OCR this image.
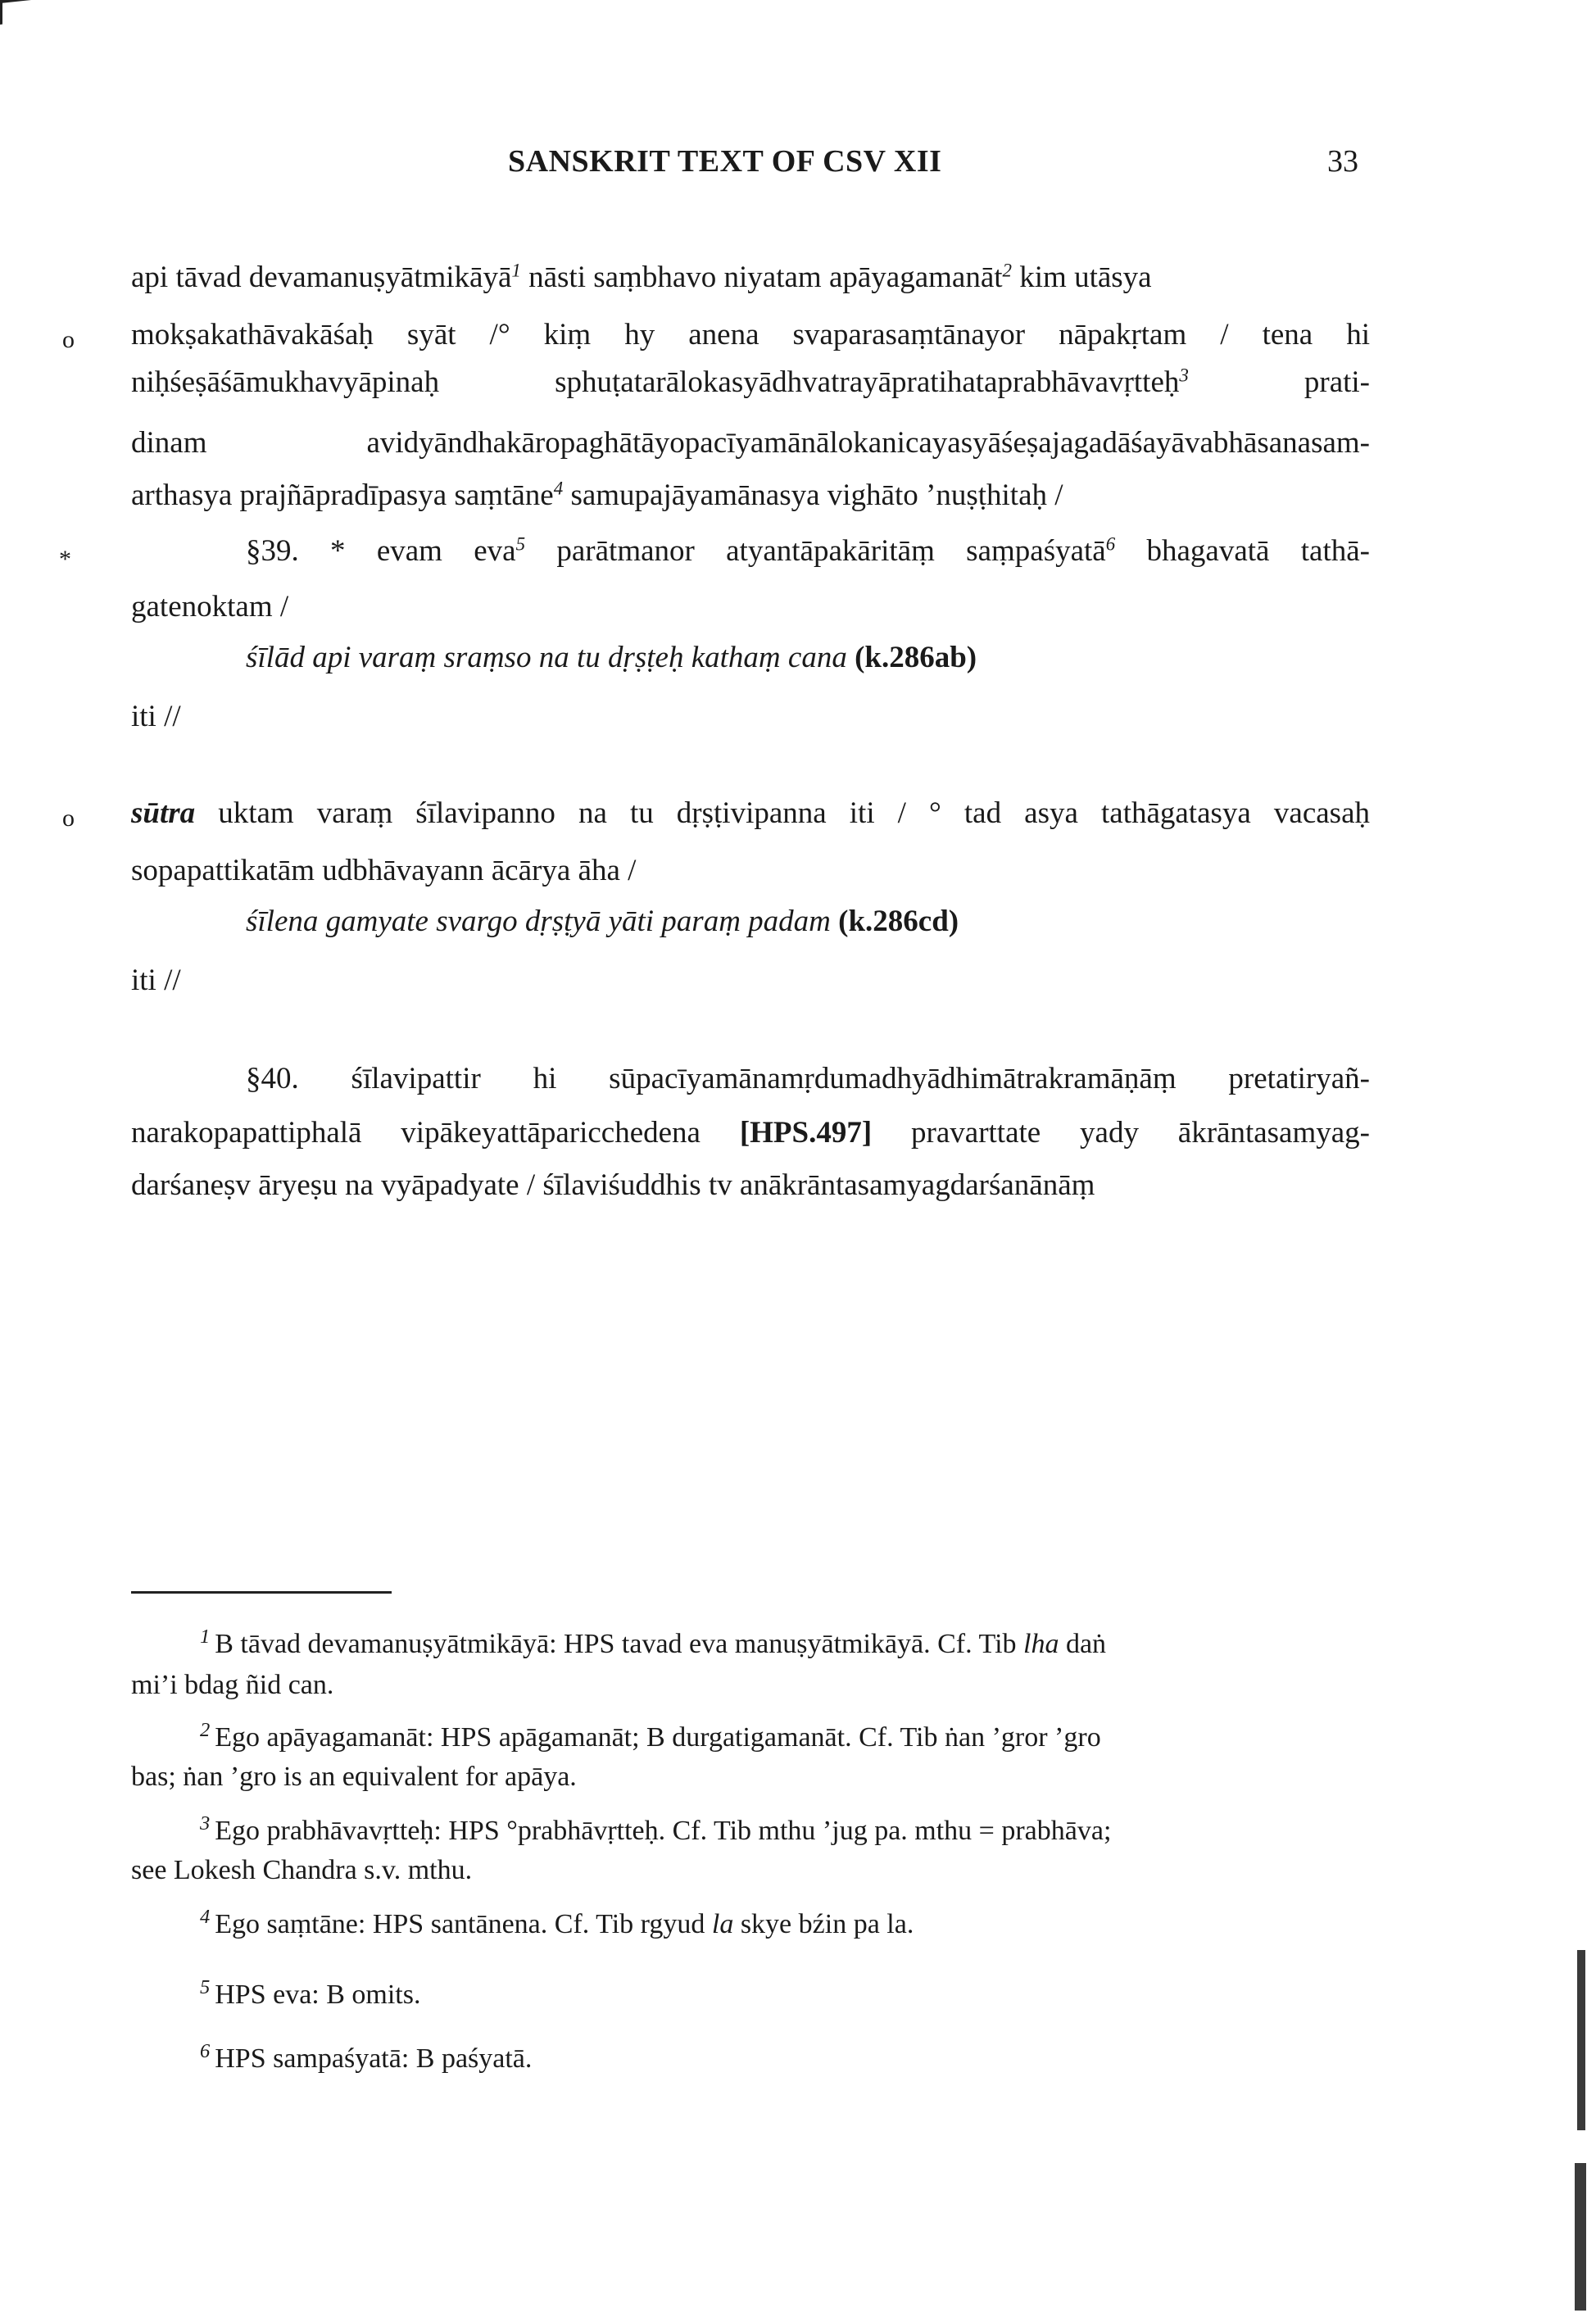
SANSKRIT TEXT OF CSV XII	33
api tāvad devamanuṣyātmikāyā$^1$ nāsti saṃbhavo niyatam apāyagamanāt$^2$ kim utāsya
o mokṣakathāvakāśaḥ syāt /° kiṃ hy anena svaparasaṃtānayor nāpakṛtam / tena hi
niḥśeṣāśāmukhavyāpinaḥ sphuṭatarālokasyādhvatrayāpratihataprabhāvavṛtteḥ$^3$ prati-
dinam avidyāndhakāropaghātāyopacīyamānālokanicayasyāśeṣajagadāśayāvabhāsanasam-
arthasya prajñāpradīpasya saṃtāne$^4$ samupajāyamānasya vighāto ’nuṣṭhitaḥ /
*	§39. * evam eva$^5$ parātmanor atyantāpakāritāṃ saṃpaśyatā$^6$ bhagavatā tathā-
gatenoktam /
śīlād api varaṃ sraṃso na tu dṛṣṭeḥ kathaṃ cana (k.286ab)
iti //
o sūtra uktam varaṃ śīlavipanno na tu dṛṣṭivipanna iti / ° tad asya tathāgatasya vacasaḥ
sopapattikatām udbhāvayann ācārya āha /
śīlena gamyate svargo dṛṣṭyā yāti paraṃ padam (k.286cd)
iti //
§40. śīlavipattir hi sūpacīyamānamṛdumadhyādhimātrakramāṇāṃ pretatiryañ-
narakopapattiphalā vipākeyattāparicchedena [HPS.497] pravarttate yady ākrāntasamyag-
darśaneṣv āryeṣu na vyāpadyate / śīlaviśuddhis tv anākrāntasamyagdarśanānāṃ
$^1$ B tāvad devamanuṣyātmikāyā: HPS tavad eva manuṣyātmikāyā. Cf. Tib lha daṅ
mi’i bdag ñid can.
$^2$ Ego apāyagamanāt: HPS apāgamanāt; B durgatigamanāt. Cf. Tib ṅan ’gror ’gro
bas; ṅan ’gro is an equivalent for apāya.
$^3$ Ego prabhāvavṛtteḥ: HPS °prabhāvṛtteḥ. Cf. Tib mthu ’jug pa. mthu = prabhāva;
see Lokesh Chandra s.v. mthu.
$^4$ Ego saṃtāne: HPS santānena. Cf. Tib rgyud la skye bźin pa la.
$^5$ HPS eva: B omits.
$^6$ HPS sampaśyatā: B paśyatā.
